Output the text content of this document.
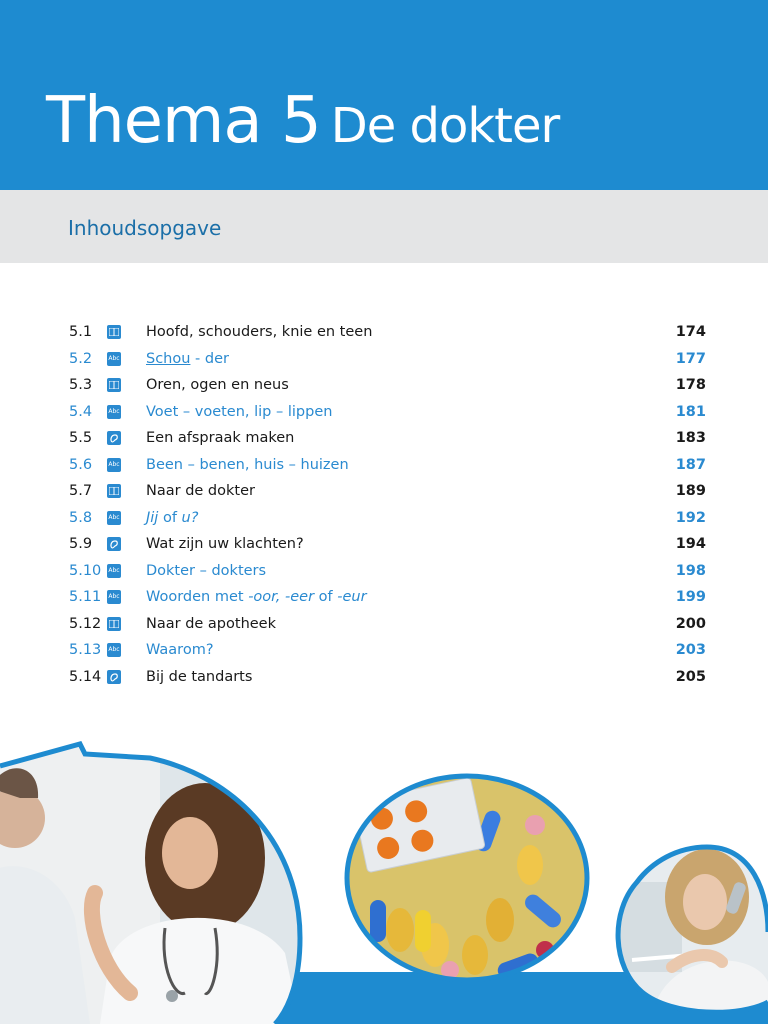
Thema 5 De dokter
Inhoudsopgave
5.1	Hoofd, schouders, knie en teen	174
5.2	Abc Schou - der	177
5.3	Oren, ogen en neus	178
5.4	Abc Voet – voeten, lip – lippen	181
5.5	Een afspraak maken	183
5.6	Abc Been – benen, huis – huizen	187
5.7	Naar de dokter	189
5.8	Abc Jij of u?	192
5.9	Wat zijn uw klachten?	194
5.10 Abc Dokter – dokters	198
5.11 Abc Woorden met -oor, -eer of -eur	199
5.12	Naar de apotheek	200
5.13 Abc Waarom?	203
5.14	Bij de tandarts	205
